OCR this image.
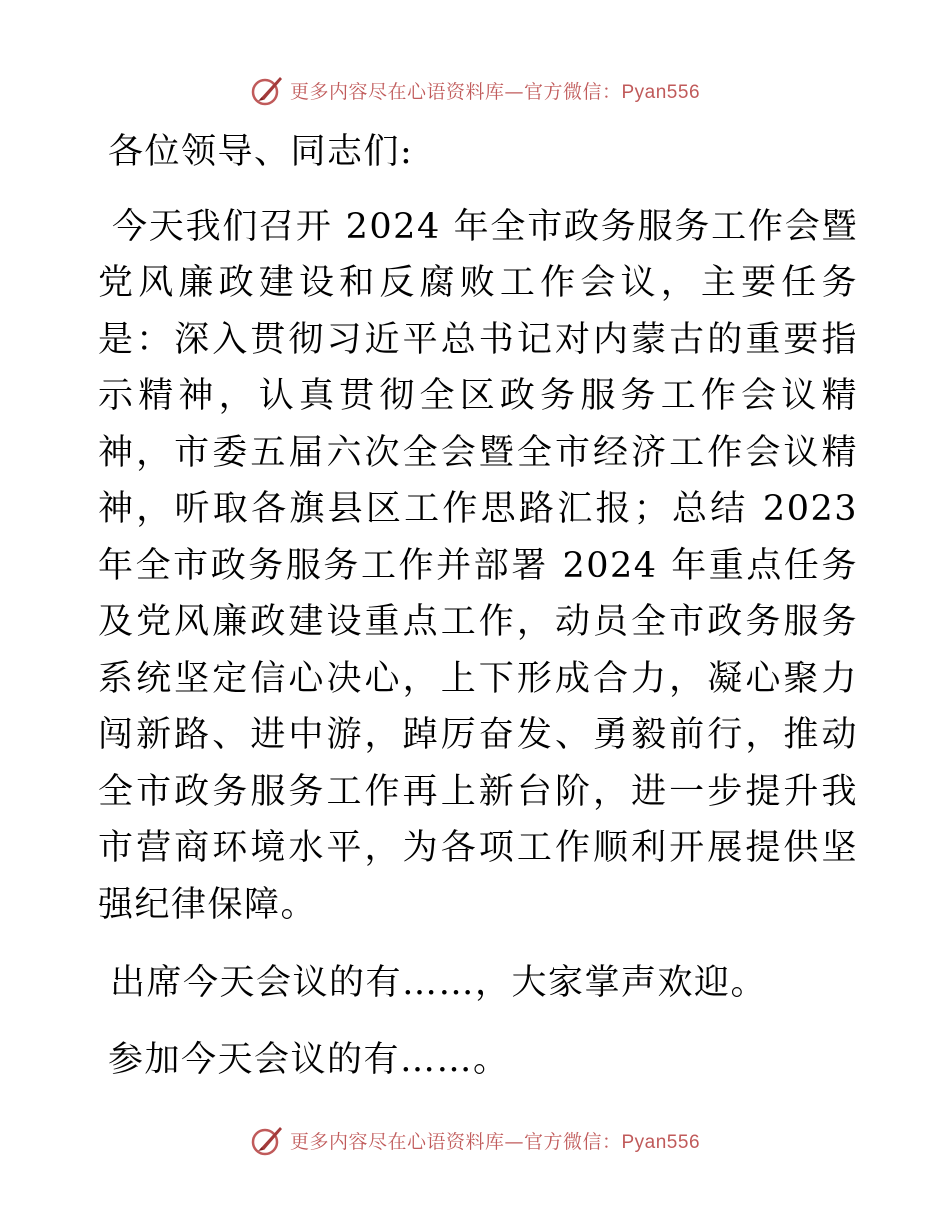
更多内容尽在心语资料库—官方微信：Pyan556

各位领导、同志们:

今天我们召开 2024 年全市政务服务工作会暨党风廉政建设和反腐败工作会议，主要任务是：深入贯彻习近平总书记对内蒙古的重要指示精神，认真贯彻全区政务服务工作会议精神，市委五届六次全会暨全市经济工作会议精神，听取各旗县区工作思路汇报；总结 2023 年全市政务服务工作并部署 2024 年重点任务及党风廉政建设重点工作，动员全市政务服务系统坚定信心决心，上下形成合力，凝心聚力闯新路、进中游，踔厉奋发、勇毅前行，推动全市政务服务工作再上新台阶，进一步提升我市营商环境水平，为各项工作顺利开展提供坚强纪律保障。

出席今天会议的有……，大家掌声欢迎。

参加今天会议的有……。

更多内容尽在心语资料库—官方微信：Pyan556
